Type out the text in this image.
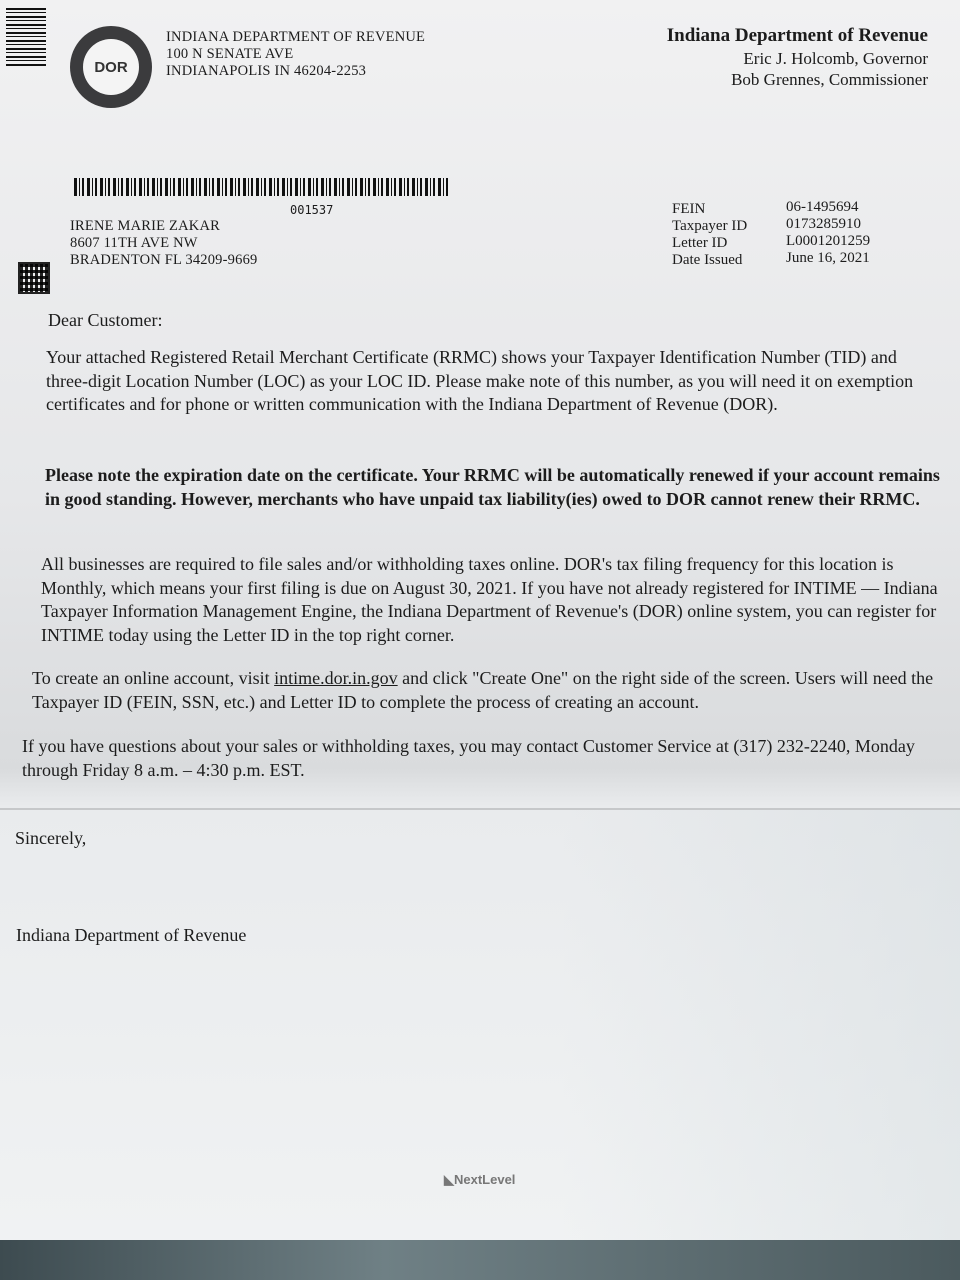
DOR
INDIANA DEPARTMENT OF REVENUE
100 N SENATE AVE
INDIANAPOLIS IN 46204-2253
Indiana Department of Revenue
Eric J. Holcomb, Governor
Bob Grennes, Commissioner
001537
IRENE MARIE ZAKAR
8607 11TH AVE NW
BRADENTON FL 34209-9669
FEIN
Taxpayer ID
Letter ID
Date Issued
06-1495694
0173285910
L0001201259
June 16, 2021
Dear Customer:
Your attached Registered Retail Merchant Certificate (RRMC) shows your Taxpayer Identification Number (TID) and three-digit Location Number (LOC) as your LOC ID. Please make note of this number, as you will need it on exemption certificates and for phone or written communication with the Indiana Department of Revenue (DOR).
Please note the expiration date on the certificate. Your RRMC will be automatically renewed if your account remains in good standing. However, merchants who have unpaid tax liability(ies) owed to DOR cannot renew their RRMC.
All businesses are required to file sales and/or withholding taxes online. DOR's tax filing frequency for this location is Monthly, which means your first filing is due on August 30, 2021. If you have not already registered for INTIME — Indiana Taxpayer Information Management Engine, the Indiana Department of Revenue's (DOR) online system, you can register for INTIME today using the Letter ID in the top right corner.
To create an online account, visit intime.dor.in.gov and click "Create One" on the right side of the screen. Users will need the Taxpayer ID (FEIN, SSN, etc.) and Letter ID to complete the process of creating an account.
If you have questions about your sales or withholding taxes, you may contact Customer Service at (317) 232-2240, Monday through Friday 8 a.m. – 4:30 p.m. EST.
Sincerely,
Indiana Department of Revenue
◣NextLevel
